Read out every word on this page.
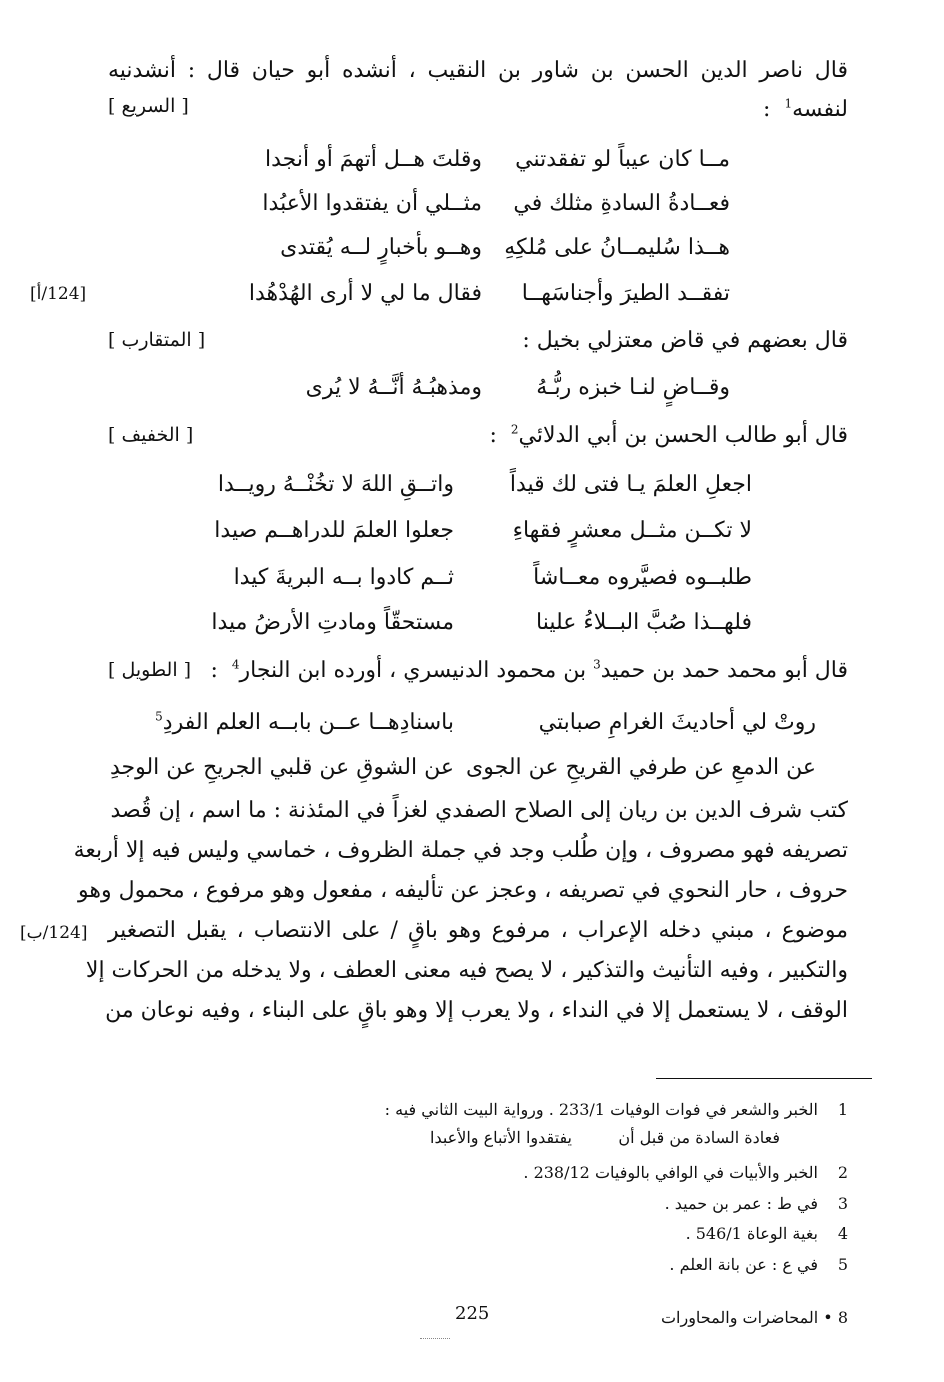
قال ناصر الدين الحسن بن شاور بن النقيب ، أنشده أبو حيان قال : أنشدنيه
لنفسه$^1$  :
[ السريع ]
مــا كان عيباً لو تفقدتني
وقلتَ هــل أتهمَ أو أنجدا
فعــادةُ السادةِ مثلك في
مثــلي أن يفتقدوا الأعبُدا
هــذا سُليمــانُ على مُلكِهِ
وهــو بأخبارٍ لــه يُقتدى
تفقــد الطيرَ وأجناسَهــا
فقال ما لي لا أرى الهُدْهُدا
[124/أ]
قال بعضهم في قاض معتزلي بخيل :
[ المتقارب ]
وقــاضٍ لنـا خبزه ربُّـهُ
ومذهبُـهُ أنَّــهُ لا يُرى
قال أبو طالب الحسن بن أبي الدلائي$^2$  :
[ الخفيف ]
اجعلِ العلمَ يـا فتى لك قيداً
واتــقِ اللهَ لا تخُنْــهُ رويــدا
لا تكــن مثــل معشرٍ فقهاءِ
جعلوا العلمَ للدراهــم صيدا
طلبــوه فصيَّروه معــاشاً
ثــم كادوا بــه البريةَ كيدا
فلهــذا صُبَّ البــلاءُ علينا
مستحقّاً ومادتِ الأرضُ ميدا
قال أبو محمد حمد بن حميد$^3$ بن محمود الدنيسري ، أورده ابن النجار$^4$  :
[ الطويل ]
روتْ لي أحاديثَ الغرامِ صبابتي
باسنادِهــا عــن بابــه العلم الفردِ$^5$
عن الدمعِ عن طرفي القريحِ عن الجوى
عن الشوقِ عن قلبي الجريحِ عن الوجدِ
كتب شرف الدين بن ريان إلى الصلاح الصفدي لغزاً في المئذنة : ما اسم ، إن قُصد
تصريفه فهو مصروف ، وإن طُلب وجد في جملة الظروف ، خماسي وليس فيه إلا أربعة
حروف ، حار النحوي في تصريفه ، وعجز عن تأليفه ، مفعول وهو مرفوع ، محمول وهو
موضوع ، مبني دخله الإعراب ، مرفوع وهو باقٍ / على الانتصاب ، يقبل التصغير
[124/ب]
والتكبير ، وفيه التأنيث والتذكير ، لا يصح فيه معنى العطف ، ولا يدخله من الحركات إلا
الوقف ، لا يستعمل إلا في النداء ، ولا يعرب إلا وهو باقٍ على البناء ، وفيه نوعان من
1الخبر والشعر في فوات الوفيات 233/1 . ورواية البيت الثاني فيه :
فعادة السادة من قبل أن
يفتقدوا الأتباع والأعبدا
2الخبر والأبيات في الوافي بالوفيات 238/12 .
3في ط : عمر بن حميد .
4بغية الوعاة 546/1 .
5في ع : عن بانة العلم .
225	8 • المحاضرات والمحاورات
